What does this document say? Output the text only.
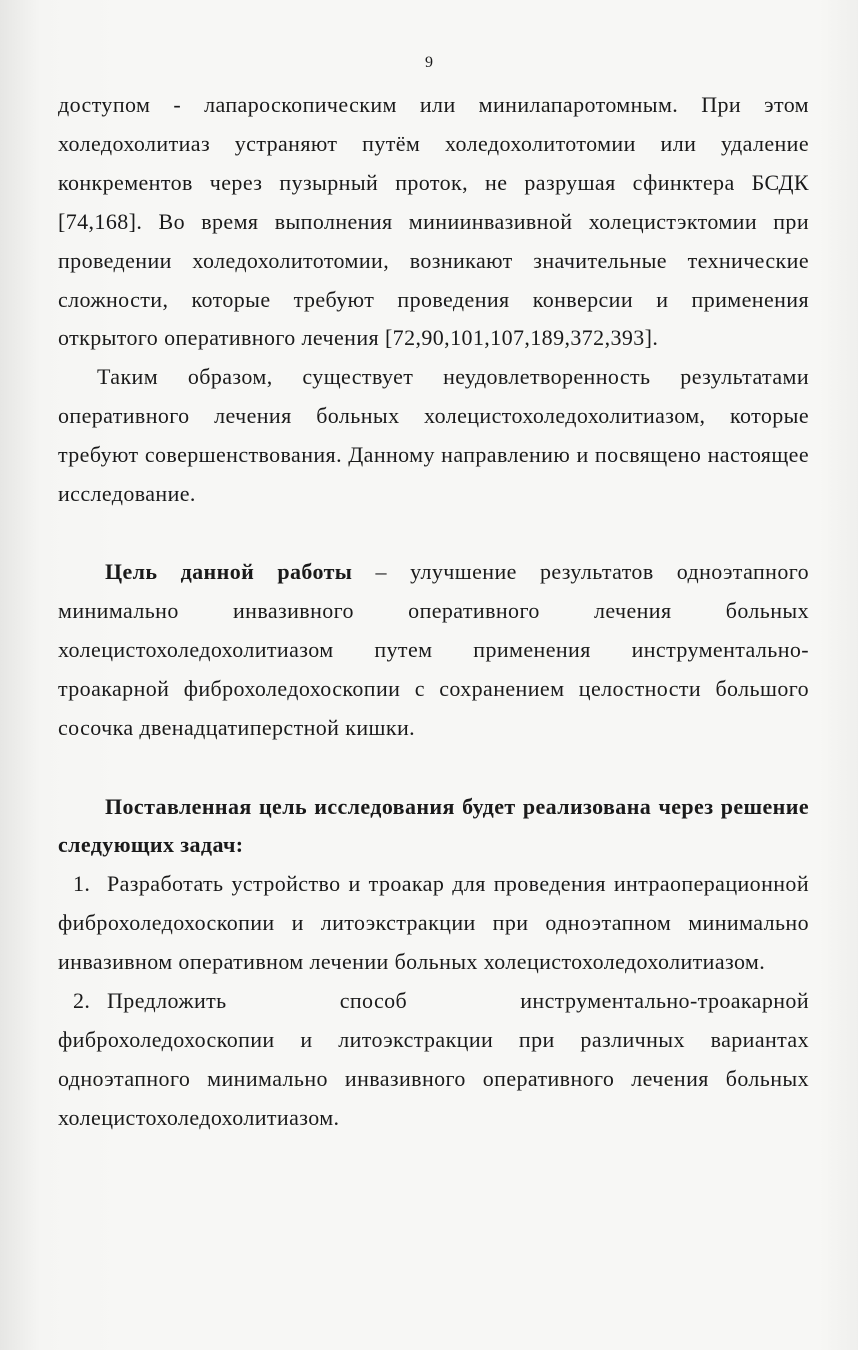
9

доступом - лапароскопическим или минилапаротомным. При этом холедохолитиаз устраняют путём холедохолитотомии или удаление конкрементов через пузырный проток, не разрушая сфинктера БСДК [74,168]. Во время выполнения миниинвазивной холецистэктомии при проведении холедохолитотомии, возникают значительные технические сложности, которые требуют проведения конверсии и применения открытого оперативного лечения [72,90,101,107,189,372,393].

Таким образом, существует неудовлетворенность результатами оперативного лечения больных холецистохоледохолитиазом, которые требуют совершенствования. Данному направлению и посвящено настоящее исследование.

Цель данной работы – улучшение результатов одноэтапного минимально инвазивного оперативного лечения больных холецистохоледохолитиазом путем применения инструментально-троакарной фиброхоледохоскопии с сохранением целостности большого сосочка двенадцатиперстной кишки.

Поставленная цель исследования будет реализована через решение следующих задач:

1. Разработать устройство и троакар для проведения интраоперационной фиброхоледохоскопии и литоэкстракции при одноэтапном минимально инвазивном оперативном лечении больных холецистохоледохолитиазом.
2. Предложить способ инструментально-троакарной фиброхоледохоскопии и литоэкстракции при различных вариантах одноэтапного минимально инвазивного оперативного лечения больных холецистохоледохолитиазом.
